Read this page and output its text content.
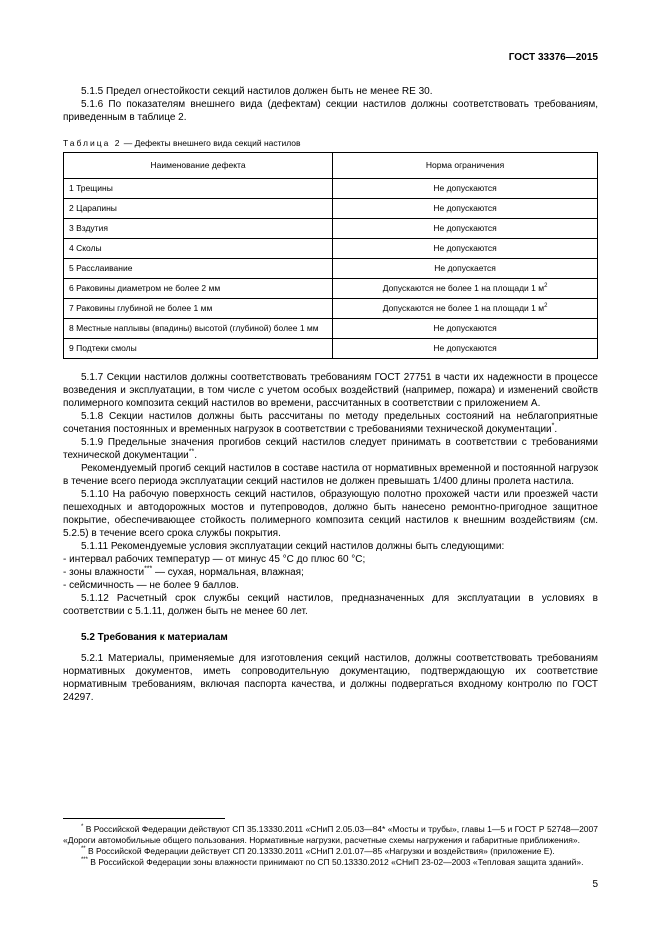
ГОСТ 33376—2015

5.1.5 Предел огнестойкости секций настилов должен быть не менее RE 30.

5.1.6 По показателям внешнего вида (дефектам) секции настилов должны соответствовать требованиям, приведенным в таблице 2.

Таблица 2 — Дефекты внешнего вида секций настилов
Наименование дефекта	Норма ограничения
1 Трещины	Не допускаются
2 Царапины	Не допускаются
3 Вздутия	Не допускаются
4 Сколы	Не допускаются
5 Расслаивание	Не допускается
6 Раковины диаметром не более 2 мм	Допускаются не более 1 на площади 1 $м^2$
7 Раковины глубиной не более 1 мм	Допускаются не более 1 на площади 1 $м^2$
8 Местные наплывы (впадины) высотой (глубиной) более 1 мм	Не допускаются
9 Подтеки смолы	Не допускаются

5.1.7 Секции настилов должны соответствовать требованиям ГОСТ 27751 в части их надежности в процессе возведения и эксплуатации, в том числе с учетом особых воздействий (например, пожара) и изменений свойств полимерного композита секций настилов во времени, рассчитанных в соответствии с приложением А.

5.1.8 Секции настилов должны быть рассчитаны по методу предельных состояний на неблагоприятные сочетания постоянных и временных нагрузок в соответствии с требованиями технической документации*.

5.1.9 Предельные значения прогибов секций настилов следует принимать в соответствии с требованиями технической документации**.

Рекомендуемый прогиб секций настилов в составе настила от нормативных временной и постоянной нагрузок в течение всего периода эксплуатации секций настилов не должен превышать 1/400 длины пролета настила.

5.1.10 На рабочую поверхность секций настилов, образующую полотно прохожей части или проезжей части пешеходных и автодорожных мостов и путепроводов, должно быть нанесено ремонтно-пригодное защитное покрытие, обеспечивающее стойкость полимерного композита секций настилов к внешним воздействиям (см. 5.2.5) в течение всего срока службы покрытия.

5.1.11 Рекомендуемые условия эксплуатации секций настилов должны быть следующими:

- интервал рабочих температур — от минус 45 °С до плюс 60 °С;

- зоны влажности*** — сухая, нормальная, влажная;

- сейсмичность — не более 9 баллов.

5.1.12 Расчетный срок службы секций настилов, предназначенных для эксплуатации в условиях в соответствии с 5.1.11, должен быть не менее 60 лет.

5.2 Требования к материалам

5.2.1 Материалы, применяемые для изготовления секций настилов, должны соответствовать требованиям нормативных документов, иметь сопроводительную документацию, подтверждающую их соответствие нормативным требованиям, включая паспорта качества, и должны подвергаться входному контролю по ГОСТ 24297.

* В Российской Федерации действуют СП 35.13330.2011 «СНиП 2.05.03—84* «Мосты и трубы», главы 1—5 и ГОСТ Р 52748—2007 «Дороги автомобильные общего пользования. Нормативные нагрузки, расчетные схемы нагружения и габаритные приближения».

** В Российской Федерации действует СП 20.13330.2011 «СНиП 2.01.07—85 «Нагрузки и воздействия» (приложение Е).

*** В Российской Федерации зоны влажности принимают по СП 50.13330.2012 «СНиП 23-02—2003 «Тепловая защита зданий».

5
